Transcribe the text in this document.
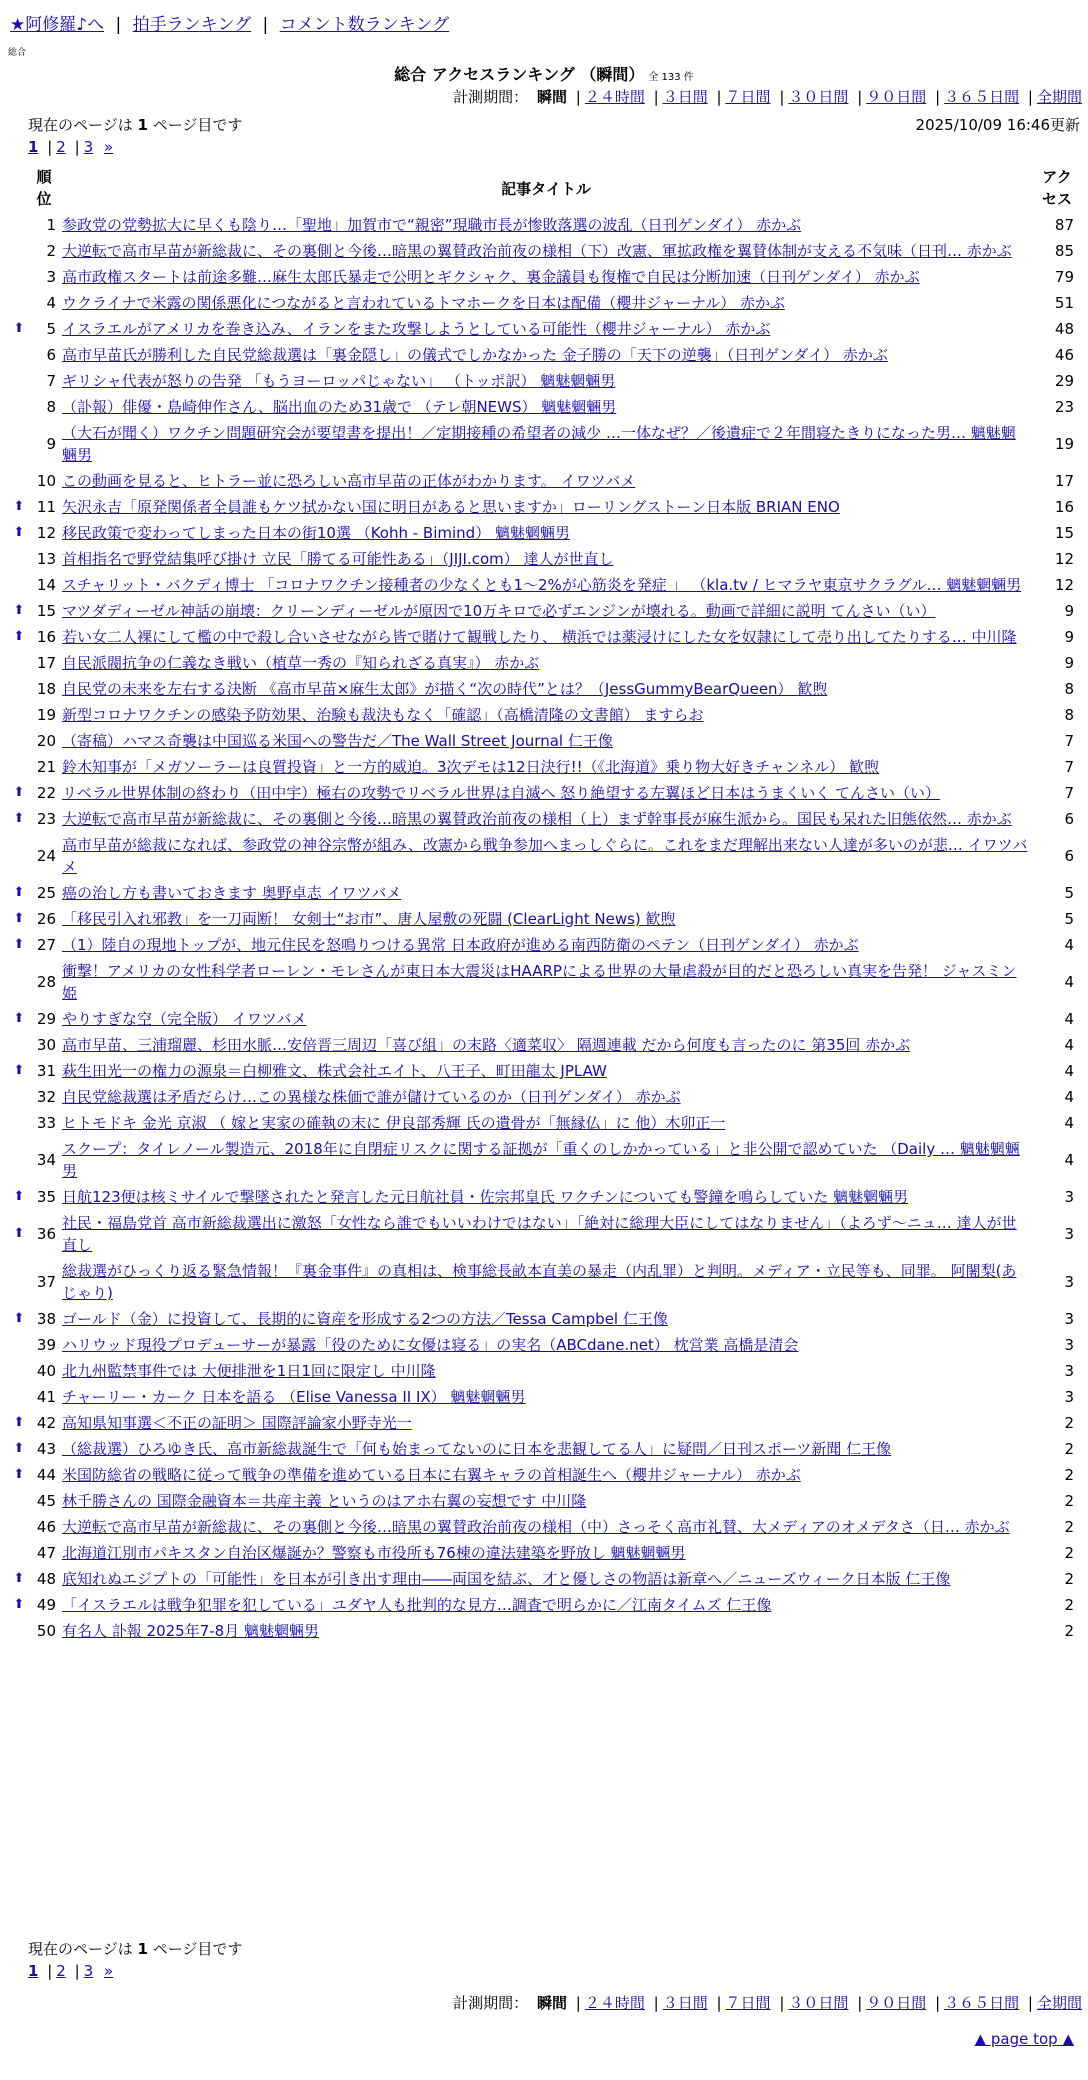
★阿修羅♪へ | 拍手ランキング | コメント数ランキング
総合
総合 アクセスランキング （瞬間） 全 133 件
計測期間： 瞬間 | ２４時間 | ３日間 | ７日間 | ３０日間 | ９０日間 | ３６５日間 | 全期間
現在のページは 1 ページ目です	2025/10/09 16:46更新
1 | 2 | 3 »
	順位	記事タイトル	アクセス
	1	参政党の党勢拡大に早くも陰り…「聖地」加賀市で“親密”現職市長が惨敗落選の波乱（日刊ゲンダイ） 赤かぶ	87
	2	大逆転で高市早苗が新総裁に、その裏側と今後…暗黒の翼賛政治前夜の様相（下）改憲、軍拡政権を翼賛体制が支える不気味（日刊… 赤かぶ	85
	3	高市政権スタートは前途多難…麻生太郎氏暴走で公明とギクシャク、裏金議員も復権で自民は分断加速（日刊ゲンダイ） 赤かぶ	79
	4	ウクライナで米露の関係悪化につながると言われているトマホークを日本は配備（櫻井ジャーナル） 赤かぶ	51
⬆	5	イスラエルがアメリカを巻き込み、イランをまた攻撃しようとしている可能性（櫻井ジャーナル） 赤かぶ	48
	6	高市早苗氏が勝利した自民党総裁選は「裏金隠し」の儀式でしかなかった 金子勝の「天下の逆襲」（日刊ゲンダイ） 赤かぶ	46
	7	ギリシャ代表が怒りの告発 「もうヨーロッパじゃない」 （トッポ訳） 魑魅魍魎男	29
	8	（訃報）俳優・島崎伸作さん、脳出血のため31歳で （テレ朝NEWS） 魑魅魍魎男	23
	9	（大石が聞く）ワクチン問題研究会が要望書を提出！／定期接種の希望者の減少 …一体なぜ？／後遺症で２年間寝たきりになった男… 魑魅魍魎男	19
	10	この動画を見ると、ヒトラー並に恐ろしい高市早苗の正体がわかります。 イワツバメ	17
⬆	11	矢沢永吉「原発関係者全員誰もケツ拭かない国に明日があると思いますか」ローリングストーン日本版 BRIAN ENO	16
⬆	12	移民政策で変わってしまった日本の街10選 （Kohh - Bimind） 魑魅魍魎男	15
	13	首相指名で野党結集呼び掛け 立民「勝てる可能性ある」（JIJI.com） 達人が世直し	12
	14	スチャリット・バクディ博士 「コロナワクチン接種者の少なくとも1〜2%が心筋炎を発症 」 （kla.tv / ヒマラヤ東京サクラグル… 魑魅魍魎男	12
⬆	15	マツダディーゼル神話の崩壊：クリーンディーゼルが原因で10万キロで必ずエンジンが壊れる。動画で詳細に説明 てんさい（い）	9
⬆	16	若い女二人裸にして檻の中で殺し合いさせながら皆で賭けて観戦したり、 横浜では薬浸けにした女を奴隷にして売り出してたりする… 中川隆	9
	17	自民派閥抗争の仁義なき戦い（植草一秀の『知られざる真実』） 赤かぶ	9
	18	自民党の未来を左右する決断 《高市早苗×麻生太郎》が描く“次の時代”とは？（JessGummyBearQueen） 歓煦	8
	19	新型コロナワクチンの感染予防効果、治験も裁決もなく「確認」（高橋清隆の文書館） ますらお	8
	20	（寄稿）ハマス奇襲は中国巡る米国への警告だ／The Wall Street Journal 仁王像	7
	21	鈴木知事が「メガソーラーは良質投資」と一方的威迫。3次デモは12日決行!!（《北海道》乗り物大好きチャンネル） 歓煦	7
⬆	22	リベラル世界体制の終わり（田中宇）極右の攻勢でリベラル世界は自滅へ 怒り絶望する左翼ほど日本はうまくいく てんさい（い）	7
⬆	23	大逆転で高市早苗が新総裁に、その裏側と今後…暗黒の翼賛政治前夜の様相（上）まず幹事長が麻生派から。国民も呆れた旧態依然… 赤かぶ	6
	24	高市早苗が総裁になれば、参政党の神谷宗幣が組み、改憲から戦争参加へまっしぐらに。これをまだ理解出来ない人達が多いのが悲… イワツバメ	6
⬆	25	癌の治し方も書いておきます 奥野卓志 イワツバメ	5
⬆	26	「移民引入れ邪教」を一刀両断！ 女剣士“お市”、唐人屋敷の死闘 (ClearLight News) 歓煦	5
⬆	27	（1）陸自の現地トップが、地元住民を怒鳴りつける異常 日本政府が進める南西防衛のペテン（日刊ゲンダイ） 赤かぶ	4
	28	衝撃！アメリカの女性科学者ローレン・モレさんが東日本大震災はHAARPによる世界の大量虐殺が目的だと恐ろしい真実を告発！ ジャスミン姫	4
⬆	29	やりすぎな空（完全版） イワツバメ	4
	30	高市早苗、三浦瑠麗、杉田水脈…安倍晋三周辺「喜び組」の末路〈適菜収〉 隔週連載 だから何度も言ったのに 第35回 赤かぶ	4
⬆	31	萩生田光一の権力の源泉＝白柳雅文、株式会社エイト、八王子、町田龍太 JPLAW	4
	32	自民党総裁選は矛盾だらけ…この異様な株価で誰が儲けているのか（日刊ゲンダイ） 赤かぶ	4
	33	ヒトモドキ 金光 京淑 （ 嫁と実家の確執の末に 伊良部秀輝 氏の遺骨が「無縁仏」に 他）木卯正一	4
	34	スクープ：タイレノール製造元、2018年に自閉症リスクに関する証拠が「重くのしかかっている」と非公開で認めていた （Daily … 魑魅魍魎男	4
⬆	35	日航123便は核ミサイルで撃墜されたと発言した元日航社員・佐宗邦皇氏 ワクチンについても警鐘を鳴らしていた 魑魅魍魎男	3
⬆	36	社民・福島党首 高市新総裁選出に激怒「女性なら誰でもいいわけではない」「絶対に総理大臣にしてはなりません」（よろず〜ニュ… 達人が世直し	3
	37	総裁選がひっくり返る緊急情報！『裏金事件』の真相は、検事総長畝本直美の暴走（内乱罪）と判明。メディア・立民等も、同罪。 阿闍梨(あじゃり)	3
⬆	38	ゴールド（金）に投資して、長期的に資産を形成する2つの方法／Tessa Campbel 仁王像	3
	39	ハリウッド現役プロデューサーが暴露「役のために女優は寝る」の実名（ABCdane.net） 枕営業 高橋是清会	3
	40	北九州監禁事件では 大便排泄を1日1回に限定し 中川隆	3
	41	チャーリー・カーク 日本を語る （Elise Vanessa II IX） 魑魅魍魎男	3
⬆	42	高知県知事選＜不正の証明＞ 国際評論家小野寺光一	2
⬆	43	（総裁選）ひろゆき氏、高市新総裁誕生で「何も始まってないのに日本を悲観してる人」に疑問／日刊スポーツ新聞 仁王像	2
⬆	44	米国防総省の戦略に従って戦争の準備を進めている日本に右翼キャラの首相誕生へ（櫻井ジャーナル） 赤かぶ	2
	45	林千勝さんの 国際金融資本＝共産主義 というのはアホ右翼の妄想です 中川隆	2
	46	大逆転で高市早苗が新総裁に、その裏側と今後…暗黒の翼賛政治前夜の様相（中）さっそく高市礼賛、大メディアのオメデタさ（日… 赤かぶ	2
	47	北海道江別市パキスタン自治区爆誕か？警察も市役所も76棟の違法建築を野放し 魑魅魍魎男	2
⬆	48	底知れぬエジプトの「可能性」を日本が引き出す理由――両国を結ぶ、才と優しさの物語は新章へ／ニューズウィーク日本版 仁王像	2
⬆	49	「イスラエルは戦争犯罪を犯している」ユダヤ人も批判的な見方…調査で明らかに／江南タイムズ 仁王像	2
	50	有名人 訃報 2025年7-8月 魑魅魍魎男	2
現在のページは 1 ページ目です
1 | 2 | 3 »
計測期間： 瞬間 | ２４時間 | ３日間 | ７日間 | ３０日間 | ９０日間 | ３６５日間 | 全期間
▲ page top ▲
